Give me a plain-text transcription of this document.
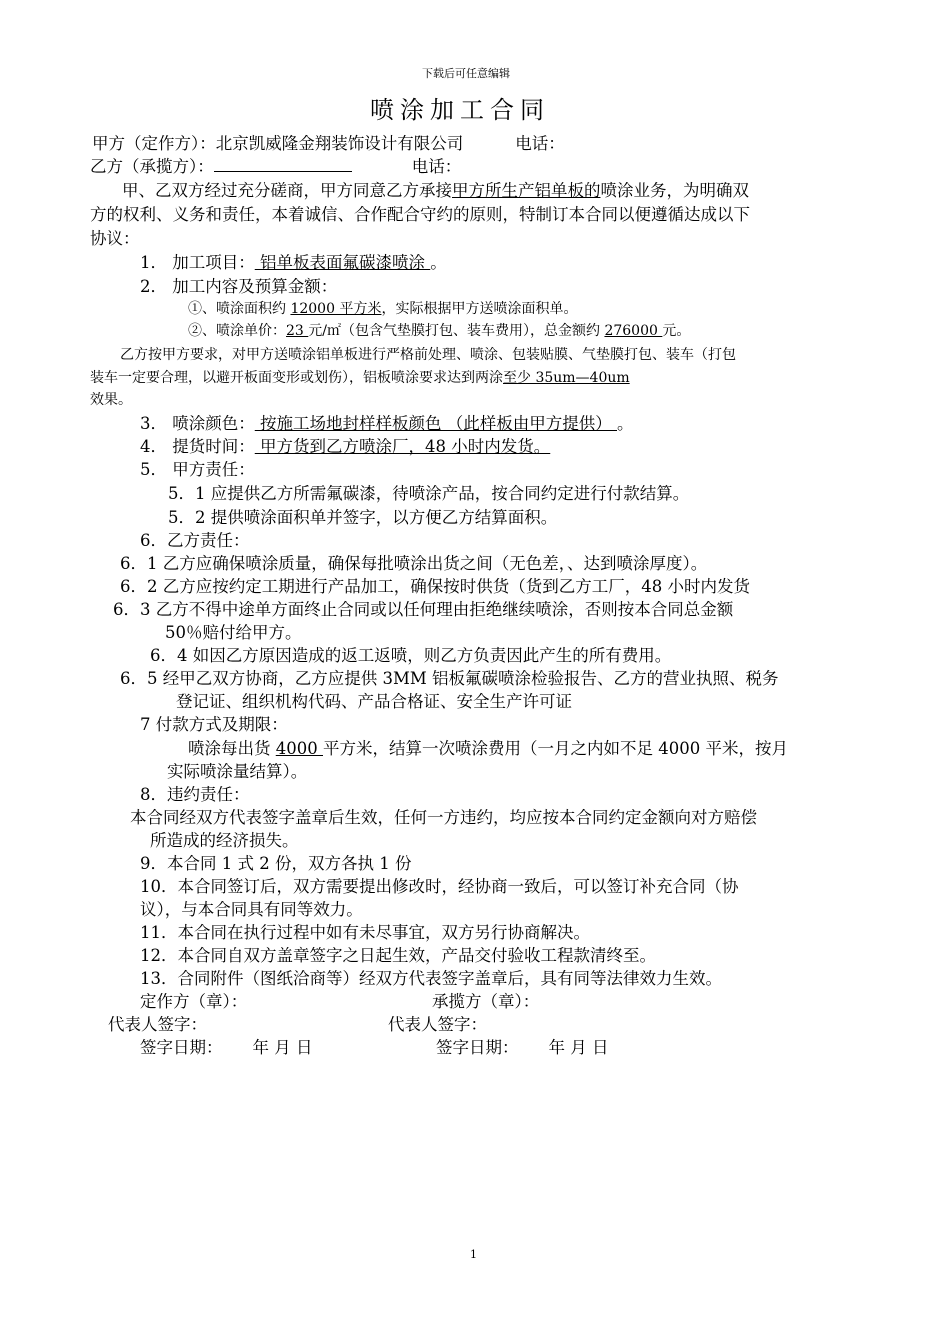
下载后可任意编辑
喷涂加工合同
甲方（定作方）：北京凯威隆金翔装饰设计有限公司	电话：
乙方（承揽方）：	电话：
甲、乙双方经过充分磋商，甲方同意乙方承接甲方所生产铝单板的喷涂业务，为明确双
方的权利、义务和责任，本着诚信、合作配合守约的原则，特制订本合同以便遵循达成以下
协议：
1． 加工项目： 铝单板表面氟碳漆喷涂 。
2． 加工内容及预算金额：
①、喷涂面积约 12000 平方米，实际根据甲方送喷涂面积单。
②、喷涂单价：23 元/㎡（包含气垫膜打包、装车费用），总金额约 276000 元。
乙方按甲方要求，对甲方送喷涂铝单板进行严格前处理、喷涂、包装贴膜、气垫膜打包、装车（打包
装车一定要合理，以避开板面变形或划伤），铝板喷涂要求达到两涂至少 35um—40um
效果。
3． 喷涂颜色： 按施工场地封样样板颜色 （此样板由甲方提供） 。
4． 提货时间： 甲方货到乙方喷涂厂，48 小时内发货。
5． 甲方责任：
5．1 应提供乙方所需氟碳漆，待喷涂产品，按合同约定进行付款结算。
5．2 提供喷涂面积单并签字，以方便乙方结算面积。
6．乙方责任：
6．1 乙方应确保喷涂质量，确保每批喷涂出货之间（无色差，、达到喷涂厚度）。
6．2 乙方应按约定工期进行产品加工，确保按时供货（货到乙方工厂，48 小时内发货
6．3 乙方不得中途单方面终止合同或以任何理由拒绝继续喷涂，否则按本合同总金额
50％赔付给甲方。
6．4 如因乙方原因造成的返工返喷，则乙方负责因此产生的所有费用。
6．5 经甲乙双方协商，乙方应提供 3MM 铝板氟碳喷涂检验报告、乙方的营业执照、税务
登记证、组织机构代码、产品合格证、安全生产许可证
7 付款方式及期限：
喷涂每出货 4000 平方米，结算一次喷涂费用（一月之内如不足 4000 平米，按月
实际喷涂量结算）。
8．违约责任：
本合同经双方代表签字盖章后生效，任何一方违约，均应按本合同约定金额向对方赔偿
所造成的经济损失。
9．本合同 1 式 2 份，双方各执 1 份
10．本合同签订后，双方需要提出修改时，经协商一致后，可以签订补充合同（协
议），与本合同具有同等效力。
11．本合同在执行过程中如有未尽事宜，双方另行协商解决。
12．本合同自双方盖章签字之日起生效，产品交付验收工程款清终至。
13．合同附件（图纸洽商等）经双方代表签字盖章后，具有同等法律效力生效。
定作方（章）：	承揽方（章）：
代表人签字：	代表人签字：
签字日期： 年 月 日	签字日期： 年 月 日
1
